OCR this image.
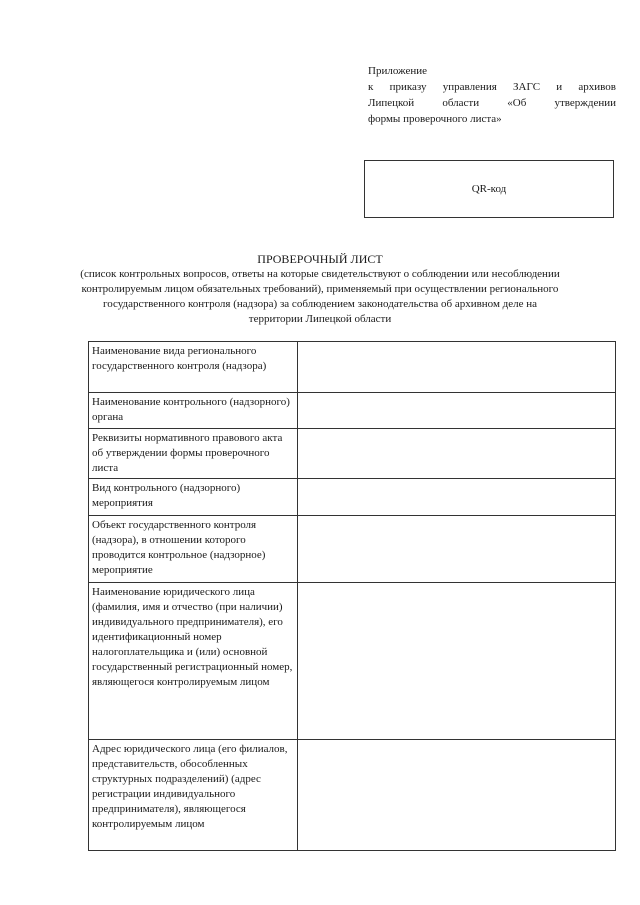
Приложение
к приказу управления ЗАГС и архивов
Липецкой области «Об утверждении
формы проверочного листа»
QR-код
ПРОВЕРОЧНЫЙ ЛИСТ
(список контрольных вопросов, ответы на которые свидетельствуют о соблюдении или несоблюдении контролируемым лицом обязательных требований), применяемый при осуществлении регионального государственного контроля (надзора) за соблюдением законодательства об архивном деле на территории Липецкой области
Наименование вида регионального государственного контроля (надзора)	
Наименование контрольного (надзорного) органа	
Реквизиты нормативного правового акта об утверждении формы проверочного листа	
Вид контрольного (надзорного) мероприятия	
Объект государственного контроля (надзора), в отношении которого проводится контрольное (надзорное) мероприятие	
Наименование юридического лица (фамилия, имя и отчество (при наличии) индивидуального предпринимателя), его идентификационный номер налогоплательщика и (или) основной государственный регистрационный номер, являющегося контролируемым лицом	
Адрес юридического лица (его филиалов, представительств, обособленных структурных подразделений) (адрес регистрации индивидуального предпринимателя), являющегося контролируемым лицом	
